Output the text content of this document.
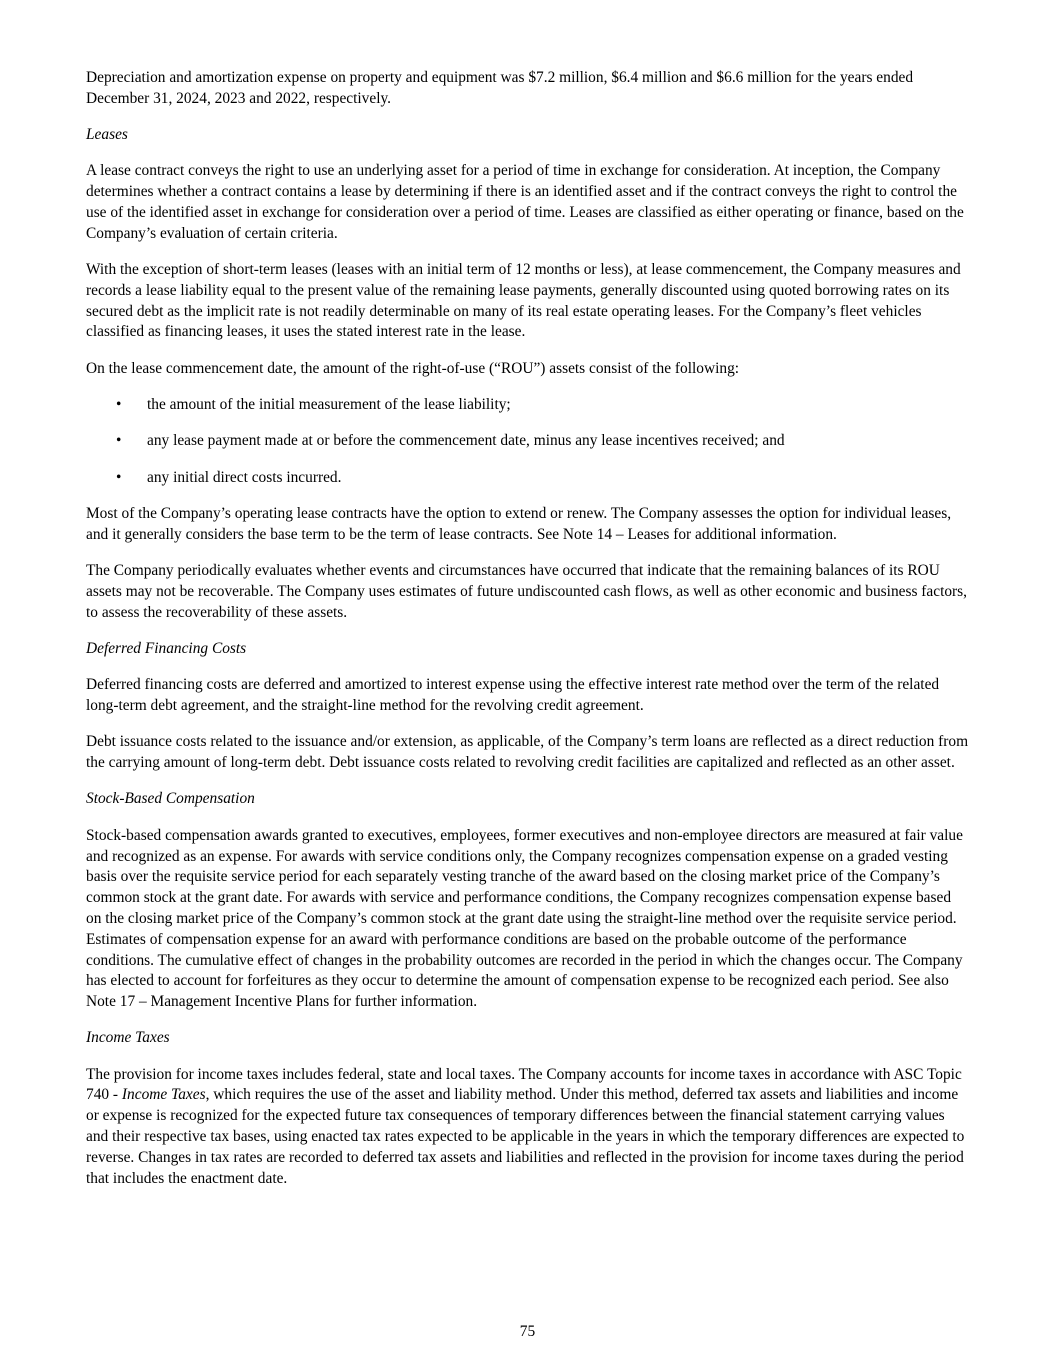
Depreciation and amortization expense on property and equipment was $7.2 million, $6.4 million and $6.6 million for the years ended December 31, 2024, 2023 and 2022, respectively.

Leases

A lease contract conveys the right to use an underlying asset for a period of time in exchange for consideration. At inception, the Company determines whether a contract contains a lease by determining if there is an identified asset and if the contract conveys the right to control the use of the identified asset in exchange for consideration over a period of time. Leases are classified as either operating or finance, based on the Company’s evaluation of certain criteria.

With the exception of short-term leases (leases with an initial term of 12 months or less), at lease commencement, the Company measures and records a lease liability equal to the present value of the remaining lease payments, generally discounted using quoted borrowing rates on its secured debt as the implicit rate is not readily determinable on many of its real estate operating leases. For the Company’s fleet vehicles classified as financing leases, it uses the stated interest rate in the lease.

On the lease commencement date, the amount of the right-of-use (“ROU”) assets consist of the following:

• the amount of the initial measurement of the lease liability;
• any lease payment made at or before the commencement date, minus any lease incentives received; and
• any initial direct costs incurred.

Most of the Company’s operating lease contracts have the option to extend or renew. The Company assesses the option for individual leases, and it generally considers the base term to be the term of lease contracts. See Note 14 – Leases for additional information.

The Company periodically evaluates whether events and circumstances have occurred that indicate that the remaining balances of its ROU assets may not be recoverable. The Company uses estimates of future undiscounted cash flows, as well as other economic and business factors, to assess the recoverability of these assets.

Deferred Financing Costs

Deferred financing costs are deferred and amortized to interest expense using the effective interest rate method over the term of the related long-term debt agreement, and the straight-line method for the revolving credit agreement.

Debt issuance costs related to the issuance and/or extension, as applicable, of the Company’s term loans are reflected as a direct reduction from the carrying amount of long-term debt. Debt issuance costs related to revolving credit facilities are capitalized and reflected as an other asset.

Stock-Based Compensation

Stock-based compensation awards granted to executives, employees, former executives and non-employee directors are measured at fair value and recognized as an expense. For awards with service conditions only, the Company recognizes compensation expense on a graded vesting basis over the requisite service period for each separately vesting tranche of the award based on the closing market price of the Company’s common stock at the grant date. For awards with service and performance conditions, the Company recognizes compensation expense based on the closing market price of the Company’s common stock at the grant date using the straight-line method over the requisite service period. Estimates of compensation expense for an award with performance conditions are based on the probable outcome of the performance conditions. The cumulative effect of changes in the probability outcomes are recorded in the period in which the changes occur. The Company has elected to account for forfeitures as they occur to determine the amount of compensation expense to be recognized each period. See also Note 17 – Management Incentive Plans for further information.

Income Taxes

The provision for income taxes includes federal, state and local taxes. The Company accounts for income taxes in accordance with ASC Topic 740 - Income Taxes, which requires the use of the asset and liability method. Under this method, deferred tax assets and liabilities and income or expense is recognized for the expected future tax consequences of temporary differences between the financial statement carrying values and their respective tax bases, using enacted tax rates expected to be applicable in the years in which the temporary differences are expected to reverse. Changes in tax rates are recorded to deferred tax assets and liabilities and reflected in the provision for income taxes during the period that includes the enactment date.

75
